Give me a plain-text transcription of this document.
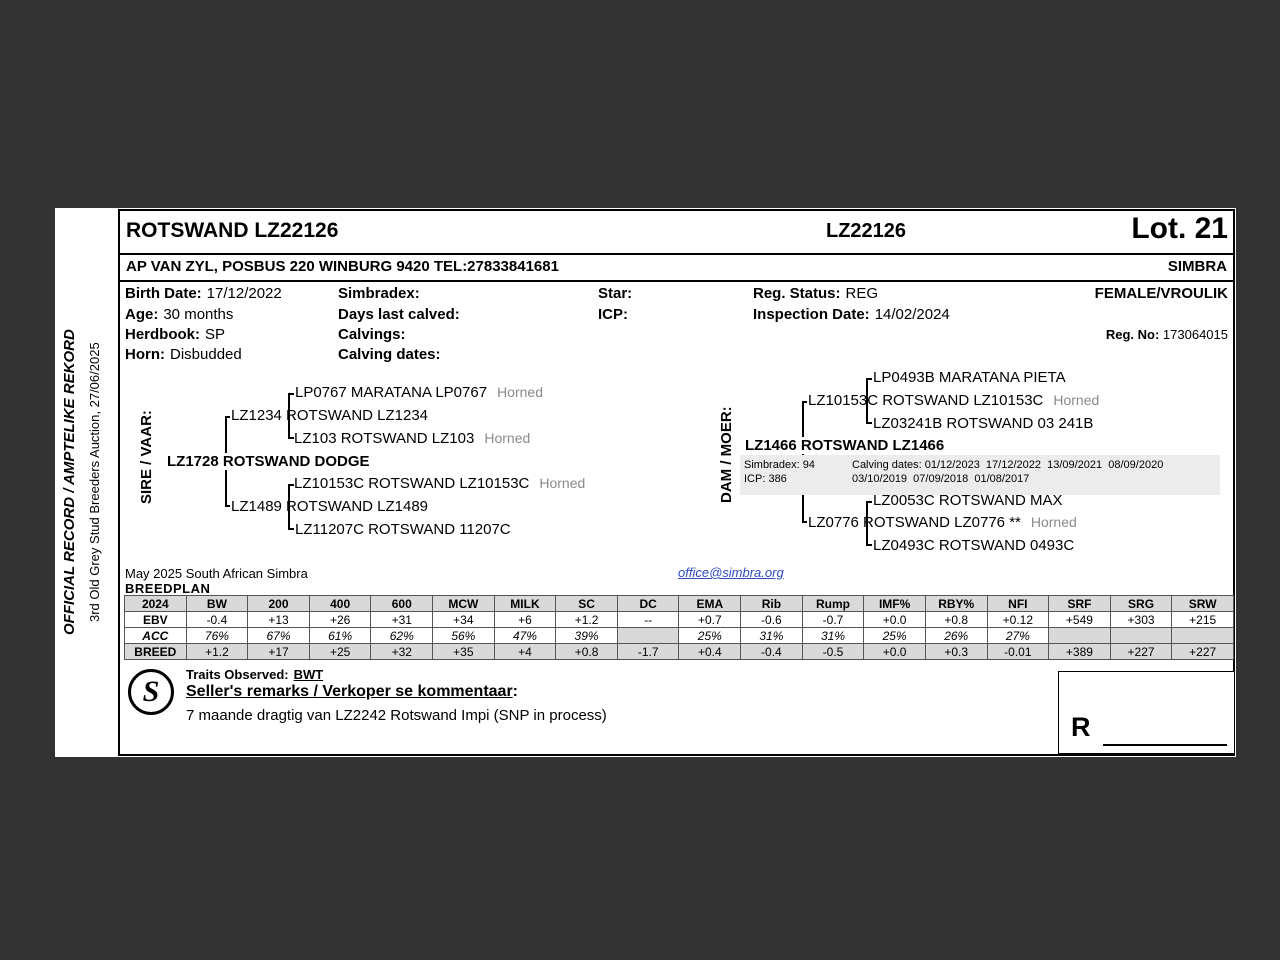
OFFICIAL RECORD / AMPTELIKE REKORD 3rd Old Grey Stud Breeders Auction, 27/06/2025
ROTSWAND LZ22126	LZ22126	Lot. 21
AP VAN ZYL, POSBUS 220 WINBURG 9420 TEL:27833841681	SIMBRA
Birth Date: 17/12/2022
Age: 30 months
Herdbook: SP
Horn: Disbudded
Simbradex:
Days last calved:
Calvings:
Calving dates:
Star:
ICP:
Reg. Status: REG
Inspection Date: 14/02/2024
FEMALE/VROULIK
Reg. No: 173064015
SIRE / VAAR:	DAM / MOER:
LP0767 MARATANA LP0767 Horned
LZ1234 ROTSWAND LZ1234
LZ103 ROTSWAND LZ103 Horned
LZ1728 ROTSWAND DODGE
LZ10153C ROTSWAND LZ10153C Horned
LZ1489 ROTSWAND LZ1489
LZ11207C ROTSWAND 11207C
LP0493B MARATANA PIETA
LZ10153C ROTSWAND LZ10153C Horned
LZ03241B ROTSWAND 03 241B
LZ1466 ROTSWAND LZ1466
Simbradex: 94
ICP: 386
Calving dates: 01/12/2023  17/12/2022  13/09/2021  08/09/2020
03/10/2019  07/09/2018  01/08/2017
LZ0053C ROTSWAND MAX
LZ0776 ROTSWAND LZ0776 ** Horned
LZ0493C ROTSWAND 0493C
May 2025 South African Simbra
BREEDPLAN
office@simbra.org
2024	BW	200	400	600	MCW	MILK	SC	DC	EMA	Rib	Rump	IMF%	RBY%	NFI	SRF	SRG	SRW
EBV	-0.4	+13	+26	+31	+34	+6	+1.2	--	+0.7	-0.6	-0.7	+0.0	+0.8	+0.12	+549	+303	+215
ACC	76%	67%	61%	62%	56%	47%	39%		25%	31%	31%	25%	26%	27%			
BREED	+1.2	+17	+25	+32	+35	+4	+0.8	-1.7	+0.4	-0.4	-0.5	+0.0	+0.3	-0.01	+389	+227	+227
Traits Observed: BWT
Seller's remarks / Verkoper se kommentaar:
7 maande dragtig van LZ2242 Rotswand Impi (SNP in process)
S
R
